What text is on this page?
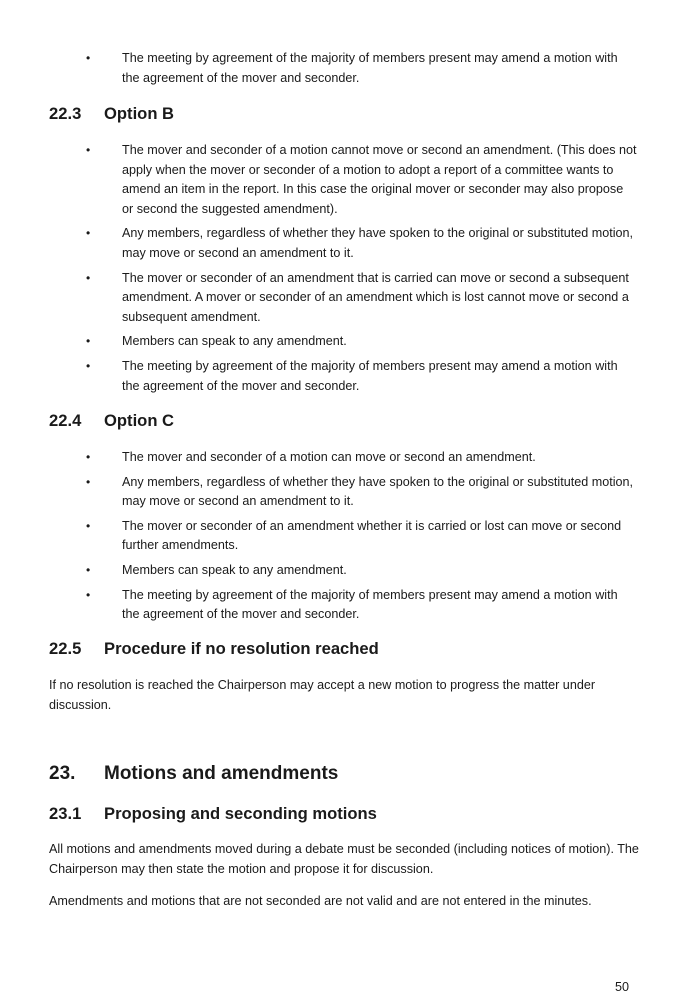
•	The meeting by agreement of the majority of members present may amend a motion with the agreement of the mover and seconder.
22.3 Option B
•	The mover and seconder of a motion cannot move or second an amendment. (This does not apply when the mover or seconder of a motion to adopt a report of a committee wants to amend an item in the report. In this case the original mover or seconder may also propose or second the suggested amendment).
•	Any members, regardless of whether they have spoken to the original or substituted motion, may move or second an amendment to it.
•	The mover or seconder of an amendment that is carried can move or second a subsequent amendment. A mover or seconder of an amendment which is lost cannot move or second a subsequent amendment.
•	Members can speak to any amendment.
•	The meeting by agreement of the majority of members present may amend a motion with the agreement of the mover and seconder.
22.4 Option C
•	The mover and seconder of a motion can move or second an amendment.
•	Any members, regardless of whether they have spoken to the original or substituted motion, may move or second an amendment to it.
•	The mover or seconder of an amendment whether it is carried or lost can move or second further amendments.
•	Members can speak to any amendment.
•	The meeting by agreement of the majority of members present may amend a motion with the agreement of the mover and seconder.
22.5 Procedure if no resolution reached
If no resolution is reached the Chairperson may accept a new motion to progress the matter under discussion.
23. Motions and amendments
23.1 Proposing and seconding motions
All motions and amendments moved during a debate must be seconded (including notices of motion). The Chairperson may then state the motion and propose it for discussion.
Amendments and motions that are not seconded are not valid and are not entered in the minutes.
50
